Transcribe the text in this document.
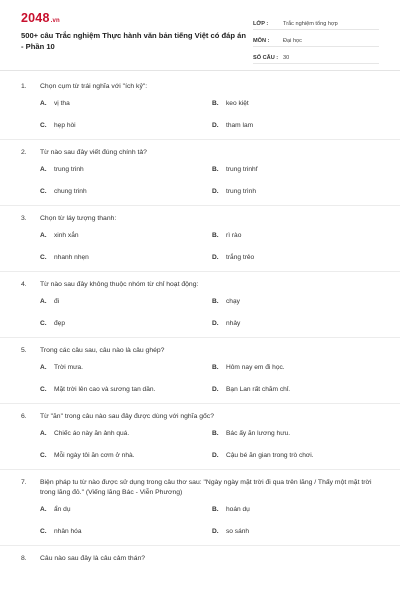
2048.vn
500+ câu Trắc nghiệm Thực hành văn bản tiếng Việt có đáp án - Phần 10
LỚP :	Trắc nghiệm tổng hợp
MÔN :	Đại học
SỐ CÂU : 30
1.	Chọn cụm từ trái nghĩa với "ích kỷ":
A.	vị tha	B.	keo kiệt
C.	hẹp hòi	D.	tham lam
2.	Từ nào sau đây viết đúng chính tả?
A.	trung trinh	B.	trung trinhf
C.	chung trinh	D.	trung trình
3.	Chọn từ láy tượng thanh:
A.	xinh xắn	B.	rì rào
C.	nhanh nhẹn	D.	trắng trẻo
4.	Từ nào sau đây không thuộc nhóm từ chỉ hoạt động:
A.	đi	B.	chạy
C.	đẹp	D.	nhảy
5.	Trong các câu sau, câu nào là câu ghép?
A.	Trời mưa.	B.	Hôm nay em đi học.
C.	Mặt trời lên cao và sương tan dần.	D.	Bạn Lan rất chăm chỉ.
6.	Từ "ăn" trong câu nào sau đây được dùng với nghĩa gốc?
A.	Chiếc áo này ăn ảnh quá.	B.	Bác ấy ăn lương hưu.
C.	Mỗi ngày tôi ăn cơm ở nhà.	D.	Cậu bé ăn gian trong trò chơi.
7.	Biện pháp tu từ nào được sử dụng trong câu thơ sau: "Ngày ngày mặt trời đi qua trên lăng / Thấy một mặt trời trong lăng đỏ." (Viếng lăng Bác - Viễn Phương)
A.	ẩn dụ	B.	hoán dụ
C.	nhân hóa	D.	so sánh
8.	Câu nào sau đây là câu cảm thán?
